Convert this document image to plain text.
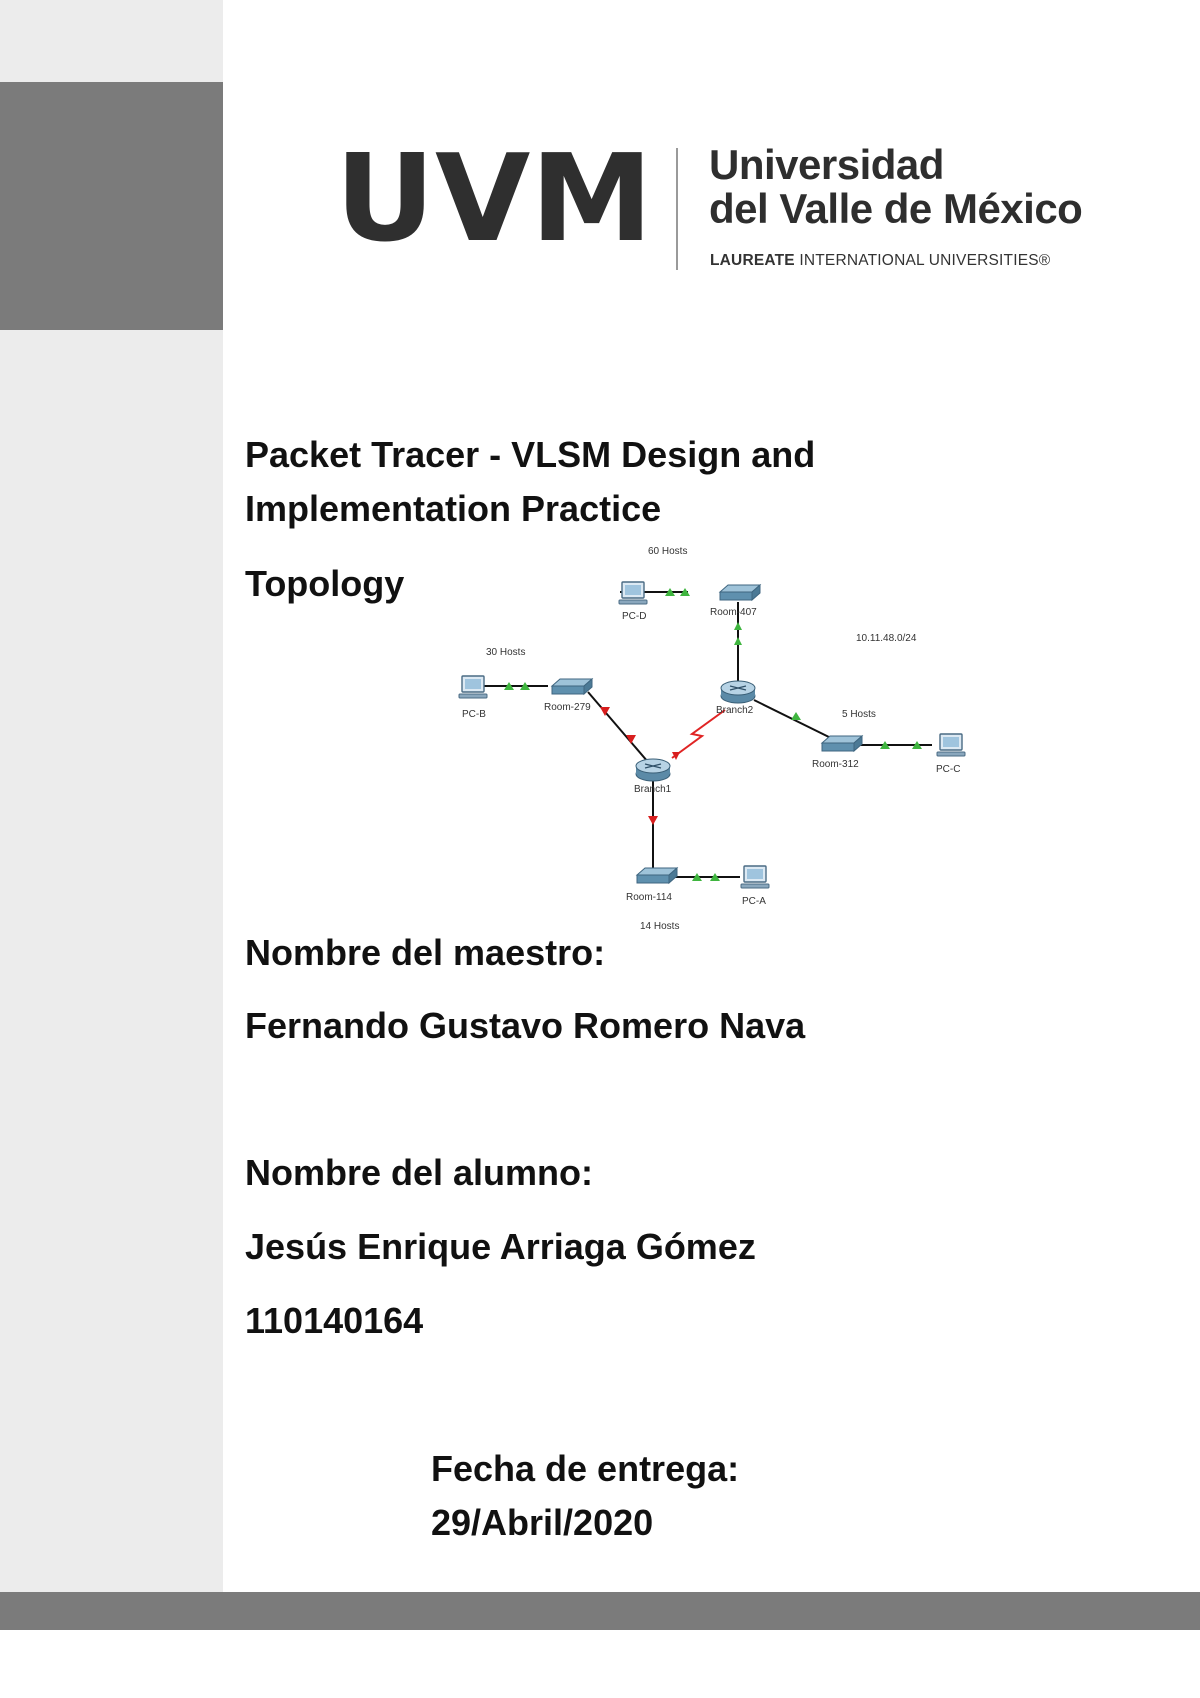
UVM Universidad
del Valle de México
LAUREATE INTERNATIONAL UNIVERSITIES®
Packet Tracer - VLSM Design and
Implementation Practice
Topology
60 Hosts
PC-D	Room-407
10.11.48.0/24
30 Hosts
PC-B
Room-279	Branch2	5 Hosts
Room-312	PC-C
Branch1
Room-114	PC-A
14 Hosts
Nombre del maestro:
Fernando Gustavo Romero Nava
Nombre del alumno:
Jesús Enrique Arriaga Gómez
110140164
Fecha de entrega:
29/Abril/2020
